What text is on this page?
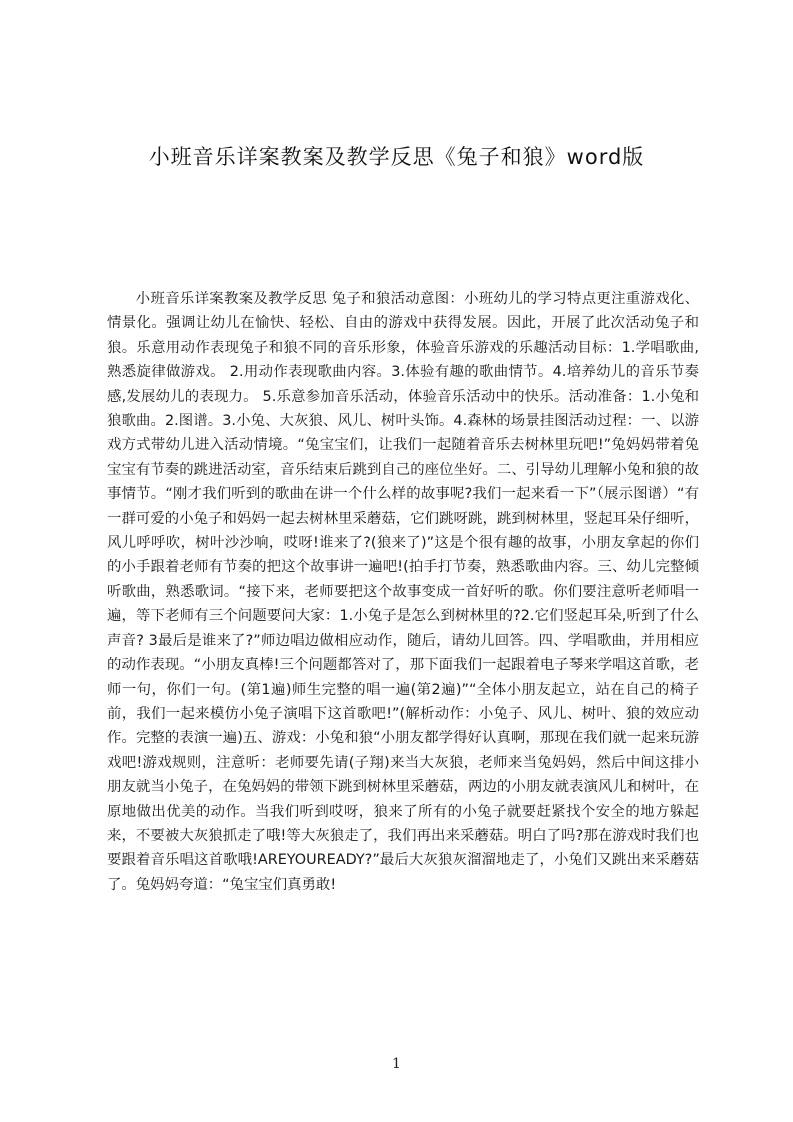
小班音乐详案教案及教学反思《兔子和狼》word版

小班音乐详案教案及教学反思 兔子和狼活动意图：小班幼儿的学习特点更注重游戏化、情景化。强调让幼儿在愉快、轻松、自由的游戏中获得发展。因此，开展了此次活动兔子和狼。乐意用动作表现兔子和狼不同的音乐形象，体验音乐游戏的乐趣活动目标：1.学唱歌曲,熟悉旋律做游戏。 2.用动作表现歌曲内容。3.体验有趣的歌曲情节。4.培养幼儿的音乐节奏感,发展幼儿的表现力。 5.乐意参加音乐活动，体验音乐活动中的快乐。活动准备：1.小兔和狼歌曲。2.图谱。3.小兔、大灰狼、风儿、树叶头饰。4.森林的场景挂图活动过程：一、以游戏方式带幼儿进入活动情境。“兔宝宝们，让我们一起随着音乐去树林里玩吧!”兔妈妈带着兔宝宝有节奏的跳进活动室，音乐结束后跳到自己的座位坐好。二、引导幼儿理解小兔和狼的故事情节。“刚才我们听到的歌曲在讲一个什么样的故事呢?我们一起来看一下”（展示图谱）“有一群可爱的小兔子和妈妈一起去树林里采蘑菇，它们跳呀跳，跳到树林里，竖起耳朵仔细听，风儿呼呼吹，树叶沙沙响，哎呀!谁来了?(狼来了)”这是个很有趣的故事，小朋友拿起的你们的小手跟着老师有节奏的把这个故事讲一遍吧!(拍手打节奏，熟悉歌曲内容。三、幼儿完整倾听歌曲，熟悉歌词。“接下来，老师要把这个故事变成一首好听的歌。你们要注意听老师唱一遍，等下老师有三个问题要问大家：1.小兔子是怎么到树林里的?2.它们竖起耳朵,听到了什么声音? 3最后是谁来了?”师边唱边做相应动作，随后，请幼儿回答。四、学唱歌曲，并用相应的动作表现。“小朋友真棒!三个问题都答对了，那下面我们一起跟着电子琴来学唱这首歌，老师一句，你们一句。(第1遍)师生完整的唱一遍(第2遍)”“全体小朋友起立，站在自己的椅子前，我们一起来模仿小兔子演唱下这首歌吧!”(解析动作：小兔子、风儿、树叶、狼的效应动作。完整的表演一遍)五、游戏：小兔和狼“小朋友都学得好认真啊，那现在我们就一起来玩游戏吧!游戏规则，注意听：老师要先请(子翔)来当大灰狼，老师来当兔妈妈，然后中间这排小朋友就当小兔子，在兔妈妈的带领下跳到树林里采蘑菇，两边的小朋友就表演风儿和树叶，在原地做出优美的动作。当我们听到哎呀，狼来了所有的小兔子就要赶紧找个安全的地方躲起来，不要被大灰狼抓走了哦!等大灰狼走了，我们再出来采蘑菇。明白了吗?那在游戏时我们也要跟着音乐唱这首歌哦!AREYOUREADY?”最后大灰狼灰溜溜地走了，小兔们又跳出来采蘑菇了。兔妈妈夸道：“兔宝宝们真勇敢!

1
